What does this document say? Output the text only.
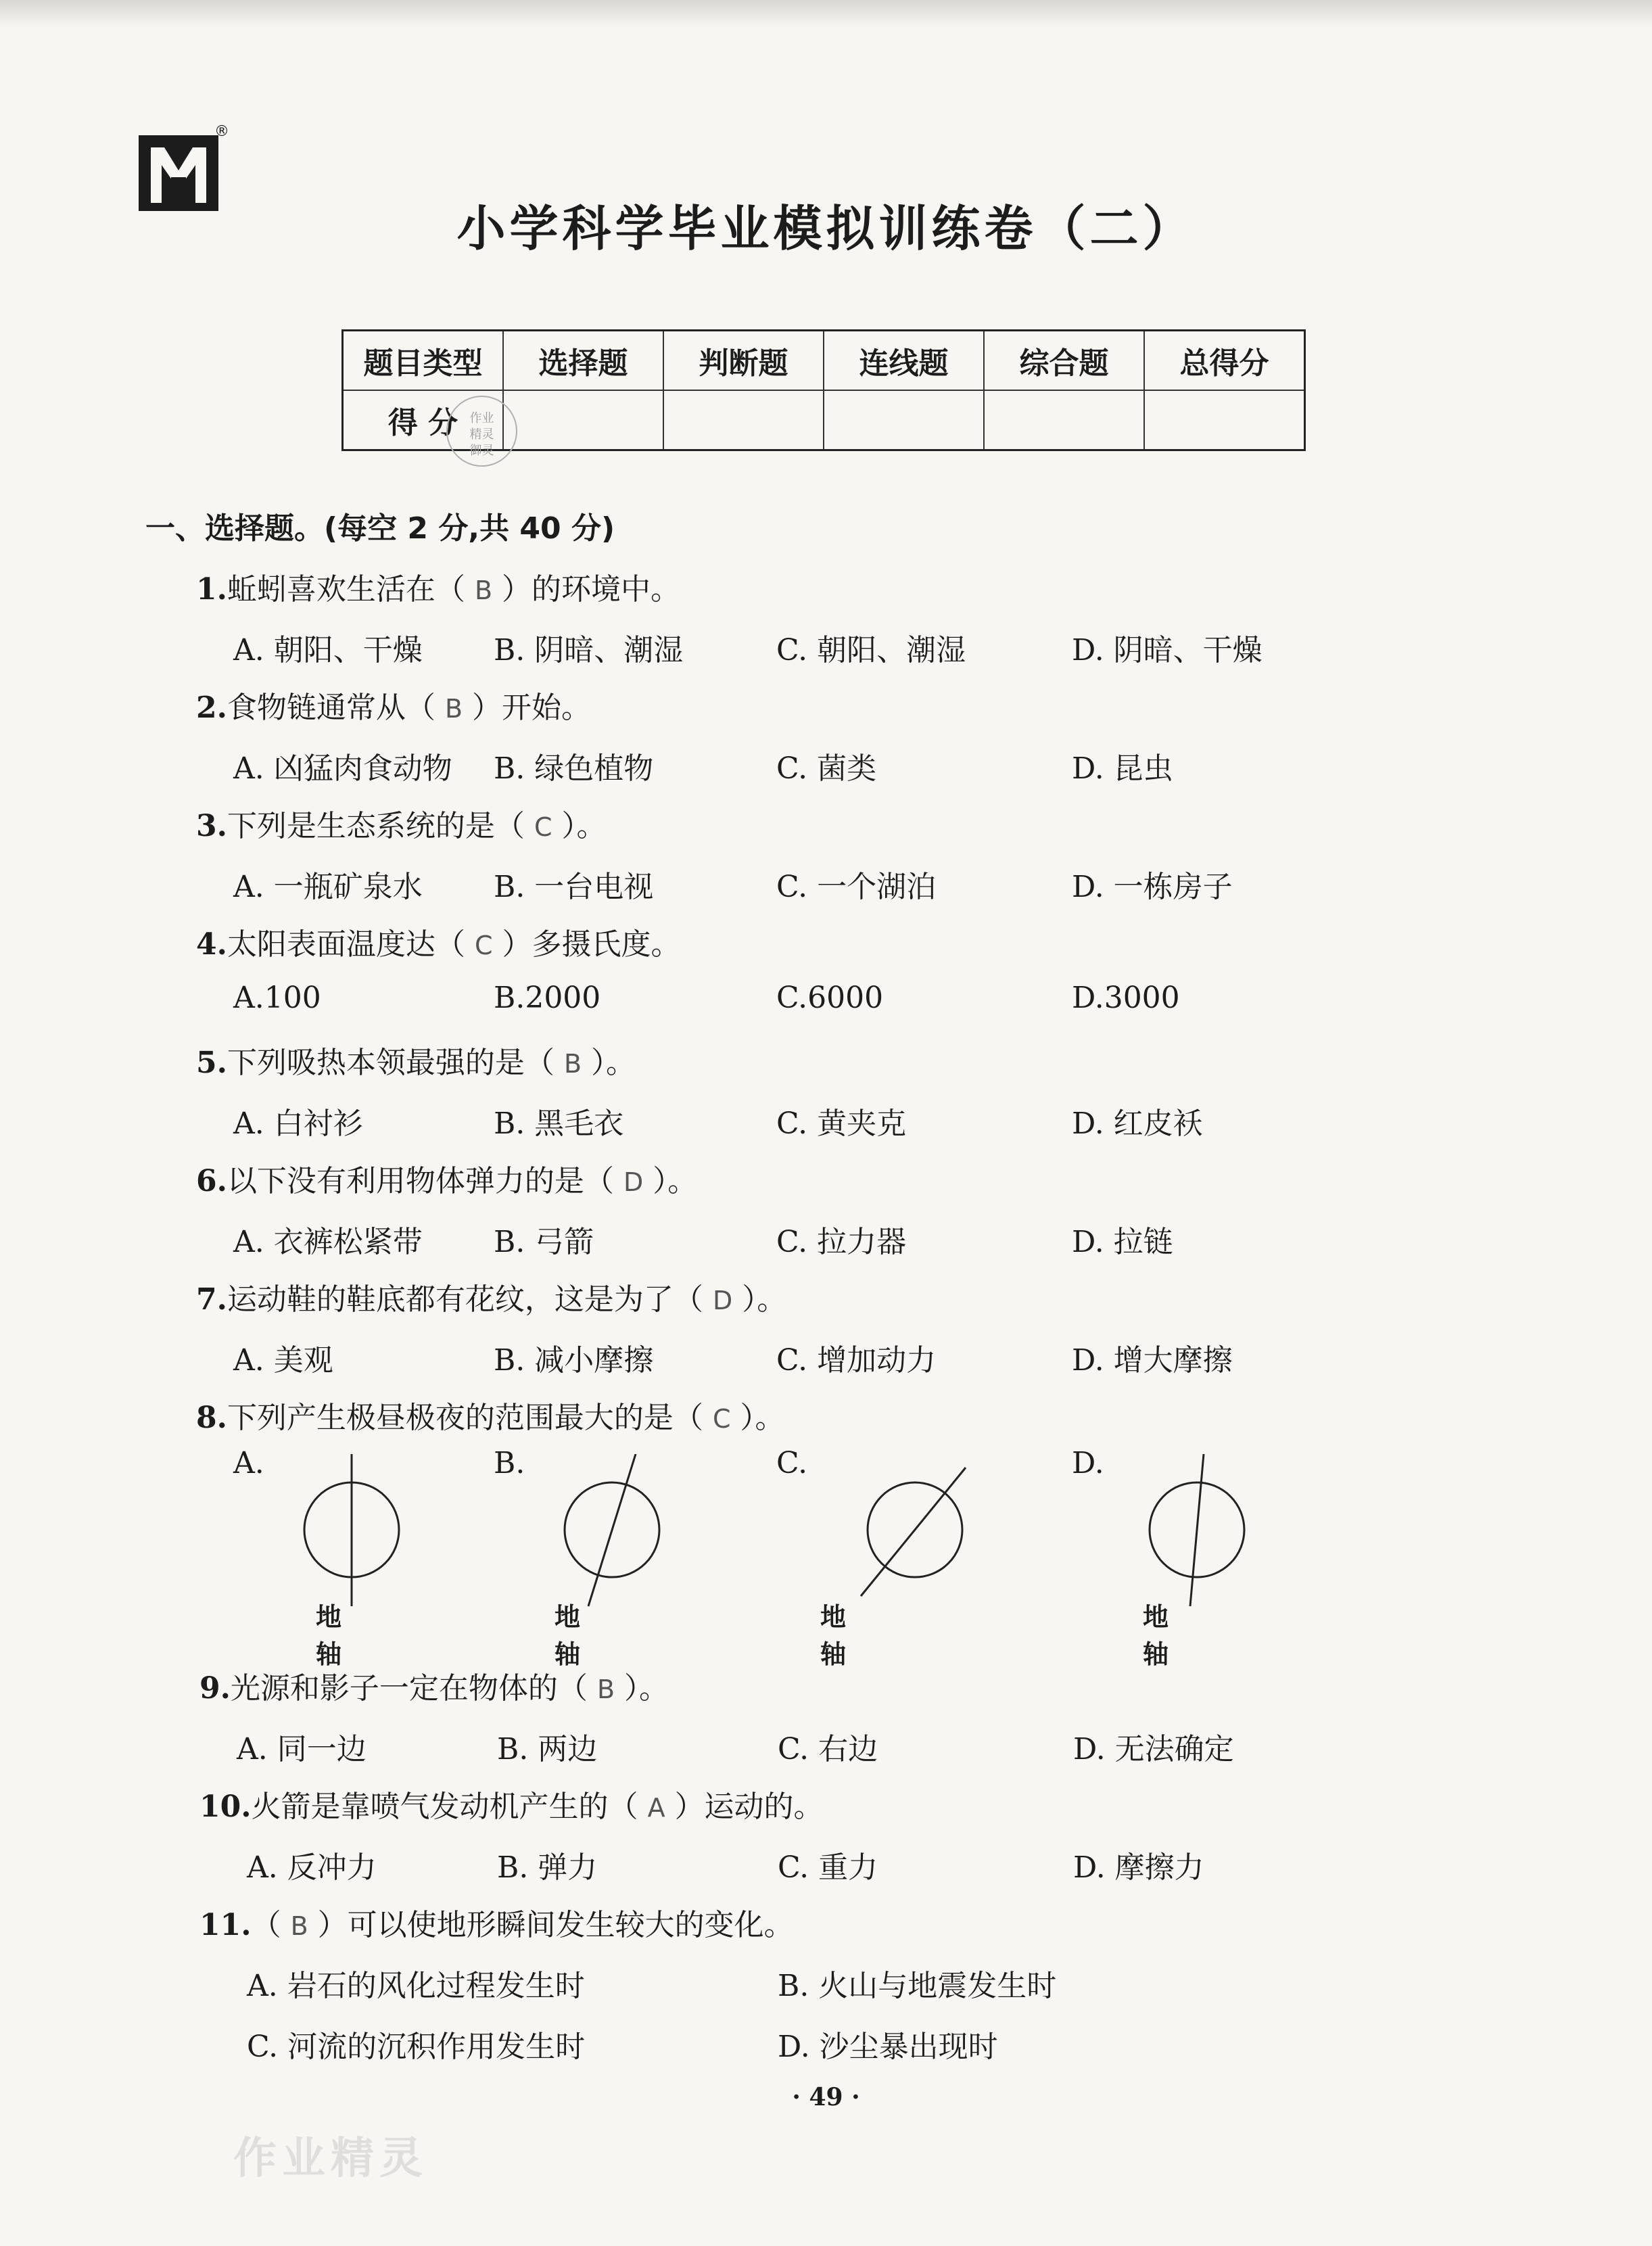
®
小学科学毕业模拟训练卷（二）
题目类型	选择题	判断题	连线题	综合题	总得分
得 分					作业
精灵
御灵
一、选择题。(每空 2 分,共 40 分)
1.蚯蚓喜欢生活在（ B ）的环境中。
A. 朝阳、干燥 B. 阴暗、潮湿	C. 朝阳、潮湿	D. 阴暗、干燥
2.食物链通常从（ B ）开始。
A. 凶猛肉食动物 B. 绿色植物	C. 菌类	D. 昆虫
3.下列是生态系统的是（ C ）。
A. 一瓶矿泉水 B. 一台电视	C. 一个湖泊	D. 一栋房子
4.太阳表面温度达（ C ）多摄氏度。
A.100	B.2000	C.6000	D.3000
5.下列吸热本领最强的是（ B ）。
A. 白衬衫	B. 黑毛衣	C. 黄夹克	D. 红皮袄
6.以下没有利用物体弹力的是（ D ）。
A. 衣裤松紧带 B. 弓箭	C. 拉力器	D. 拉链
7.运动鞋的鞋底都有花纹，这是为了（ D ）。
A. 美观	B. 减小摩擦	C. 增加动力	D. 增大摩擦
8.下列产生极昼极夜的范围最大的是（ C ）。
A.
地轴
B.
地轴
C.
地轴
D.
地轴
9.光源和影子一定在物体的（ B ）。
A. 同一边	B. 两边	C. 右边	D. 无法确定
10.火箭是靠喷气发动机产生的（ A ）运动的。
A. 反冲力	B. 弹力	C. 重力	D. 摩擦力
11.（ B ）可以使地形瞬间发生较大的变化。
A. 岩石的风化过程发生时	B. 火山与地震发生时
C. 河流的沉积作用发生时	D. 沙尘暴出现时
· 49 ·
作业精灵
